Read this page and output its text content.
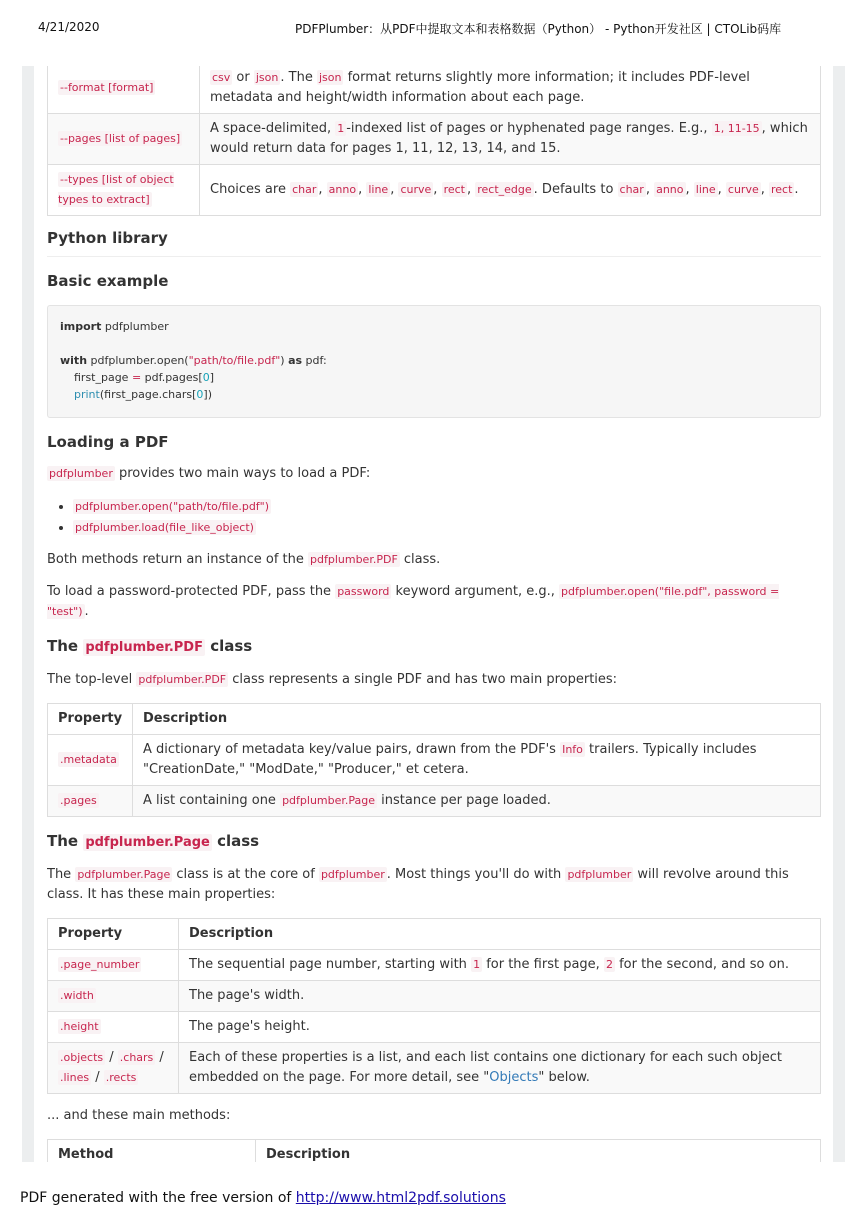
4/21/2020	PDFPlumber：从PDF中提取文本和表格数据（Python） - Python开发社区 | CTOLib码库
--format [format]	csv or json . The json format returns slightly more information; it includes PDF-level metadata and height/width information about each page.
--pages [list of pages]	A space-delimited, 1 -indexed list of pages or hyphenated page ranges. E.g., 1, 11-15 , which would return data for pages 1, 11, 12, 13, 14, and 15.
--types [list of object types to extract]	Choices are char , anno , line , curve , rect , rect_edge . Defaults to char , anno , line , curve , rect .
Python library
Basic example
import pdfplumber
with pdfplumber.open("path/to/file.pdf") as pdf:
first_page = pdf.pages[0]
print(first_page.chars[0])
Loading a PDF

pdfplumber provides two main ways to load a PDF:

• pdfplumber.open("path/to/file.pdf")
• pdfplumber.load(file_like_object)

Both methods return an instance of the pdfplumber.PDF class.

To load a password-protected PDF, pass the password keyword argument, e.g., pdfplumber.open("file.pdf", password = "test") .

The pdfplumber.PDF class

The top-level pdfplumber.PDF class represents a single PDF and has two main properties:

Property	Description
.metadata	A dictionary of metadata key/value pairs, drawn from the PDF's Info trailers. Typically includes "CreationDate," "ModDate," "Producer," et cetera.
.pages	A list containing one pdfplumber.Page instance per page loaded.
The pdfplumber.Page class

The pdfplumber.Page class is at the core of pdfplumber . Most things you'll do with pdfplumber will revolve around this class. It has these main properties:

Property	Description
.page_number	The sequential page number, starting with 1 for the first page, 2 for the second, and so on.
.width	The page's width.
.height	The page's height.
.objects / .chars / .lines / .rects	Each of these properties is a list, and each list contains one dictionary for each such object embedded on the page. For more detail, see "Objects" below.

... and these main methods:

Method	Description

PDF generated with the free version of http://www.html2pdf.solutions
